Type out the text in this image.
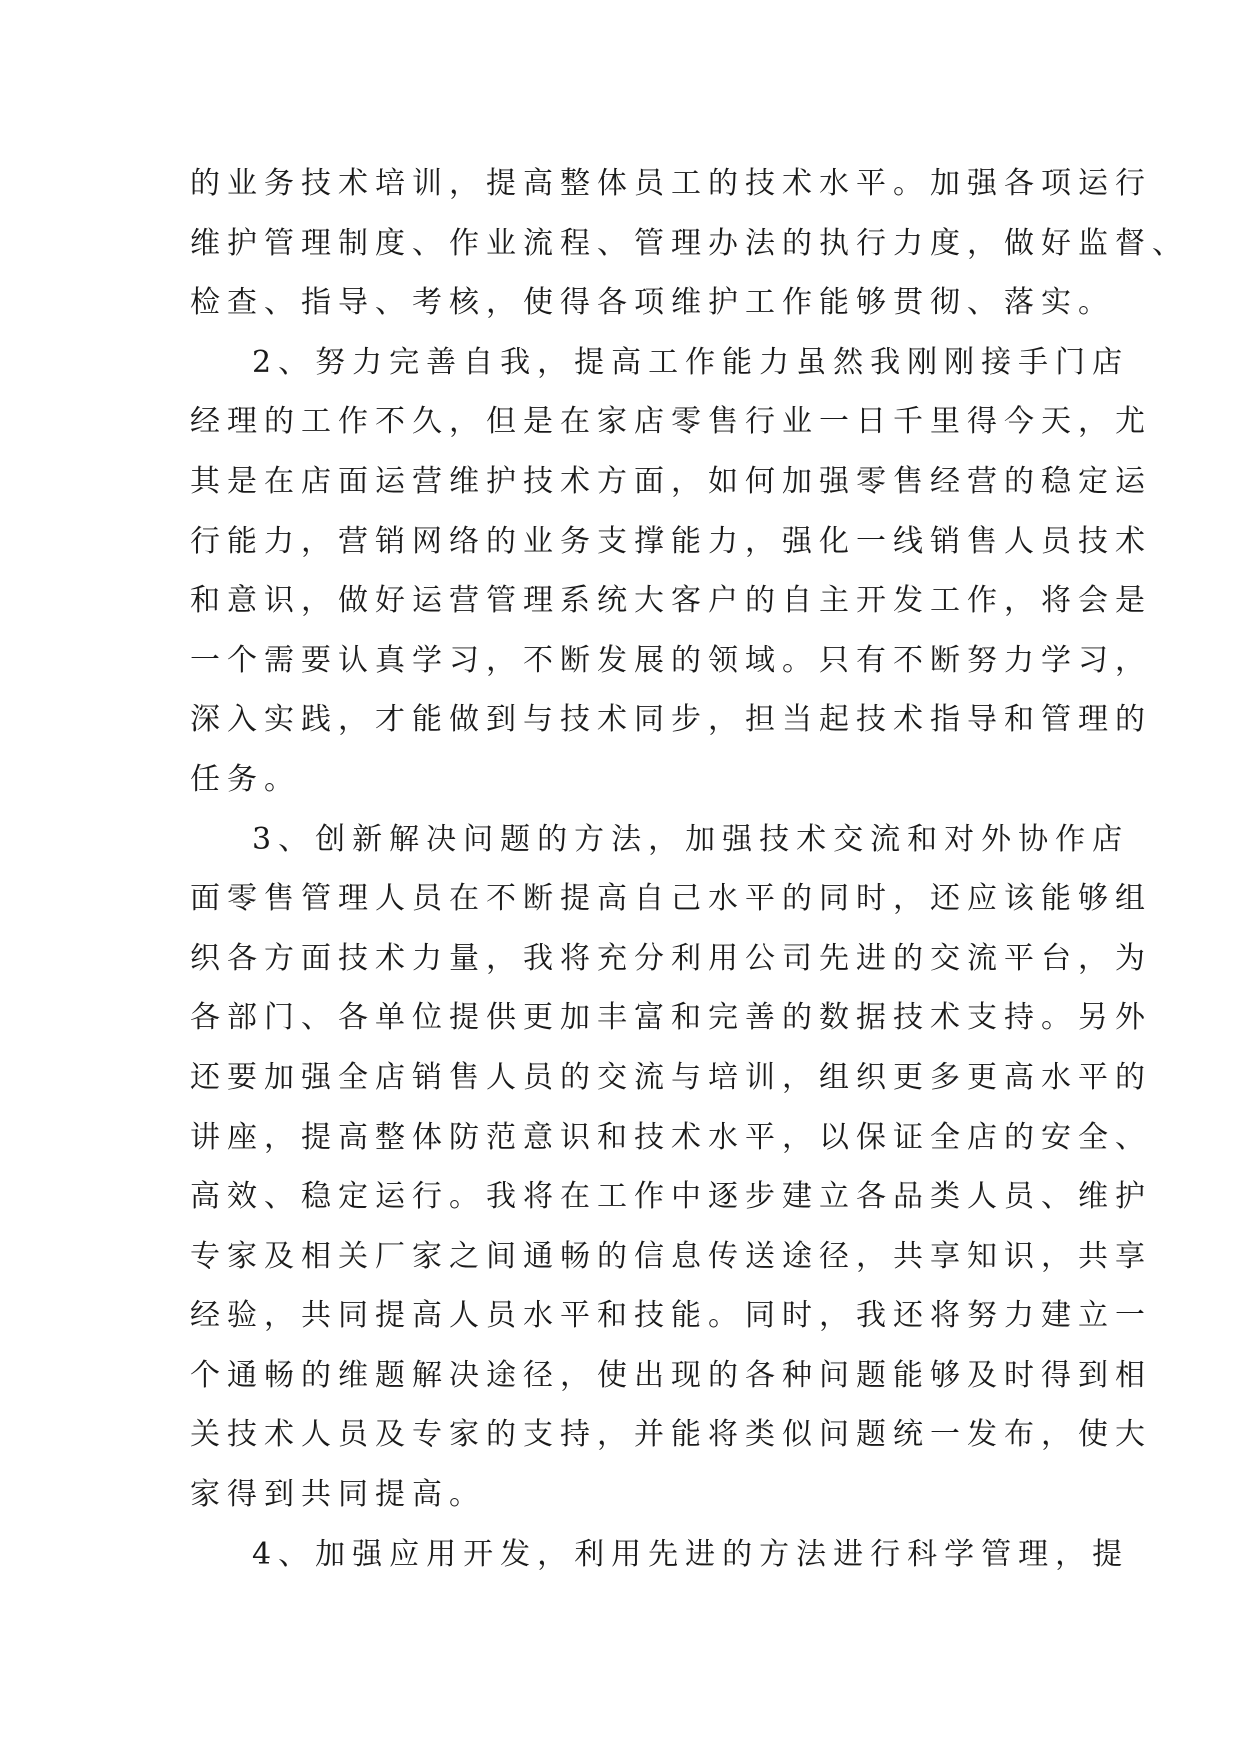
的业务技术培训，提高整体员工的技术水平。加强各项运行
维护管理制度、作业流程、管理办法的执行力度，做好监督、
检查、指导、考核，使得各项维护工作能够贯彻、落实。
2、努力完善自我，提高工作能力虽然我刚刚接手门店
经理的工作不久，但是在家店零售行业一日千里得今天，尤
其是在店面运营维护技术方面，如何加强零售经营的稳定运
行能力，营销网络的业务支撑能力，强化一线销售人员技术
和意识，做好运营管理系统大客户的自主开发工作，将会是
一个需要认真学习，不断发展的领域。只有不断努力学习，
深入实践，才能做到与技术同步，担当起技术指导和管理的
任务。
3、创新解决问题的方法，加强技术交流和对外协作店
面零售管理人员在不断提高自己水平的同时，还应该能够组
织各方面技术力量，我将充分利用公司先进的交流平台，为
各部门、各单位提供更加丰富和完善的数据技术支持。另外
还要加强全店销售人员的交流与培训，组织更多更高水平的
讲座，提高整体防范意识和技术水平，以保证全店的安全、
高效、稳定运行。我将在工作中逐步建立各品类人员、维护
专家及相关厂家之间通畅的信息传送途径，共享知识，共享
经验，共同提高人员水平和技能。同时，我还将努力建立一
个通畅的维题解决途径，使出现的各种问题能够及时得到相
关技术人员及专家的支持，并能将类似问题统一发布，使大
家得到共同提高。
4、加强应用开发，利用先进的方法进行科学管理，提
